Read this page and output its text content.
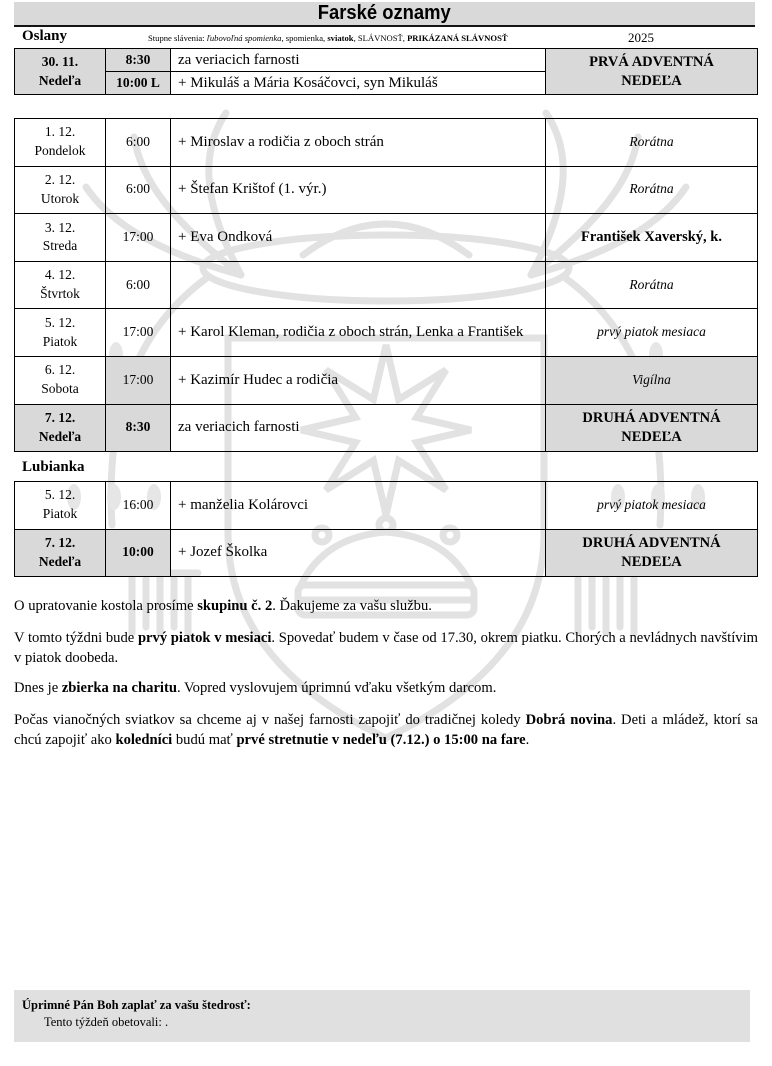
Farské oznamy
Oslany	Stupne slávenia: ľubovoľná spomienka, spomienka, sviatok, SLÁVNOSŤ, PRIKÁZANÁ SLÁVNOSŤ	2025
30. 11.
Nedeľa	8:30	za veriacich farnosti	PRVÁ ADVENTNÁ
NEDEĽA
	10:00 L	+ Mikuláš a Mária Kosáčovci, syn Mikuláš	
1. 12.
Pondelok	6:00	+ Miroslav a rodičia z oboch strán	Rorátna
2. 12.
Utorok	6:00	+ Štefan Krištof (1. výr.)	Rorátna
3. 12.
Streda	17:00	+ Eva Ondková	František Xaverský, k.
4. 12.
Štvrtok	6:00		Rorátna
5. 12.
Piatok	17:00	+ Karol Kleman, rodičia z oboch strán, Lenka a František	prvý piatok mesiaca
6. 12.
Sobota	17:00	+ Kazimír Hudec a rodičia	Vigílna
7. 12.
Nedeľa	8:30	za veriacich farnosti	DRUHÁ ADVENTNÁ
NEDEĽA
Lubianka
5. 12.
Piatok	16:00	+ manželia Kolárovci	prvý piatok mesiaca
7. 12.
Nedeľa	10:00	+ Jozef Školka	DRUHÁ ADVENTNÁ
NEDEĽA
O upratovanie kostola prosíme skupinu č. 2. Ďakujeme za vašu službu.
V tomto týždni bude prvý piatok v mesiaci. Spovedať budem v čase od 17.30, okrem piatku. Chorých a nevládnych navštívim v piatok doobeda.
Dnes je zbierka na charitu. Vopred vyslovujem úprimnú vďaku všetkým darcom.
Počas vianočných sviatkov sa chceme aj v našej farnosti zapojiť do tradičnej koledy Dobrá novina. Deti a mládež, ktorí sa chcú zapojiť ako koledníci budú mať prvé stretnutie v nedeľu (7.12.) o 15:00 na fare.
Úprimné Pán Boh zaplať za vašu štedrosť:
Tento týždeň obetovali: .
